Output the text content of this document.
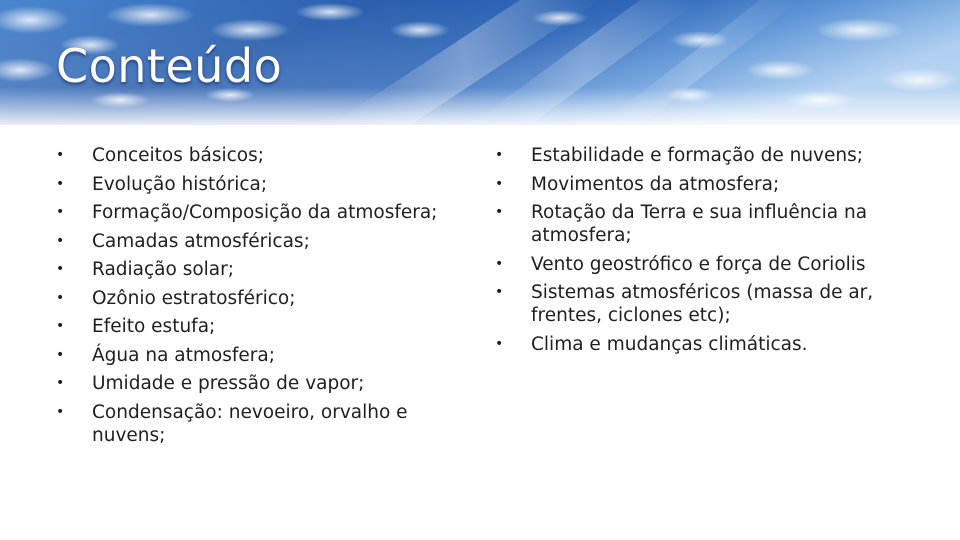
Conteúdo
• Conceitos básicos;
• Evolução histórica;
• Formação/Composição da atmosfera;
• Camadas atmosféricas;
• Radiação solar;
• Ozônio estratosférico;
• Efeito estufa;
• Água na atmosfera;
• Umidade e pressão de vapor;
• Condensação: nevoeiro, orvalho e nuvens;
• Estabilidade e formação de nuvens;
• Movimentos da atmosfera;
• Rotação da Terra e sua influência na atmosfera;
• Vento geostrófico e força de Coriolis
• Sistemas atmosféricos (massa de ar, frentes, ciclones etc);
• Clima e mudanças climáticas.
